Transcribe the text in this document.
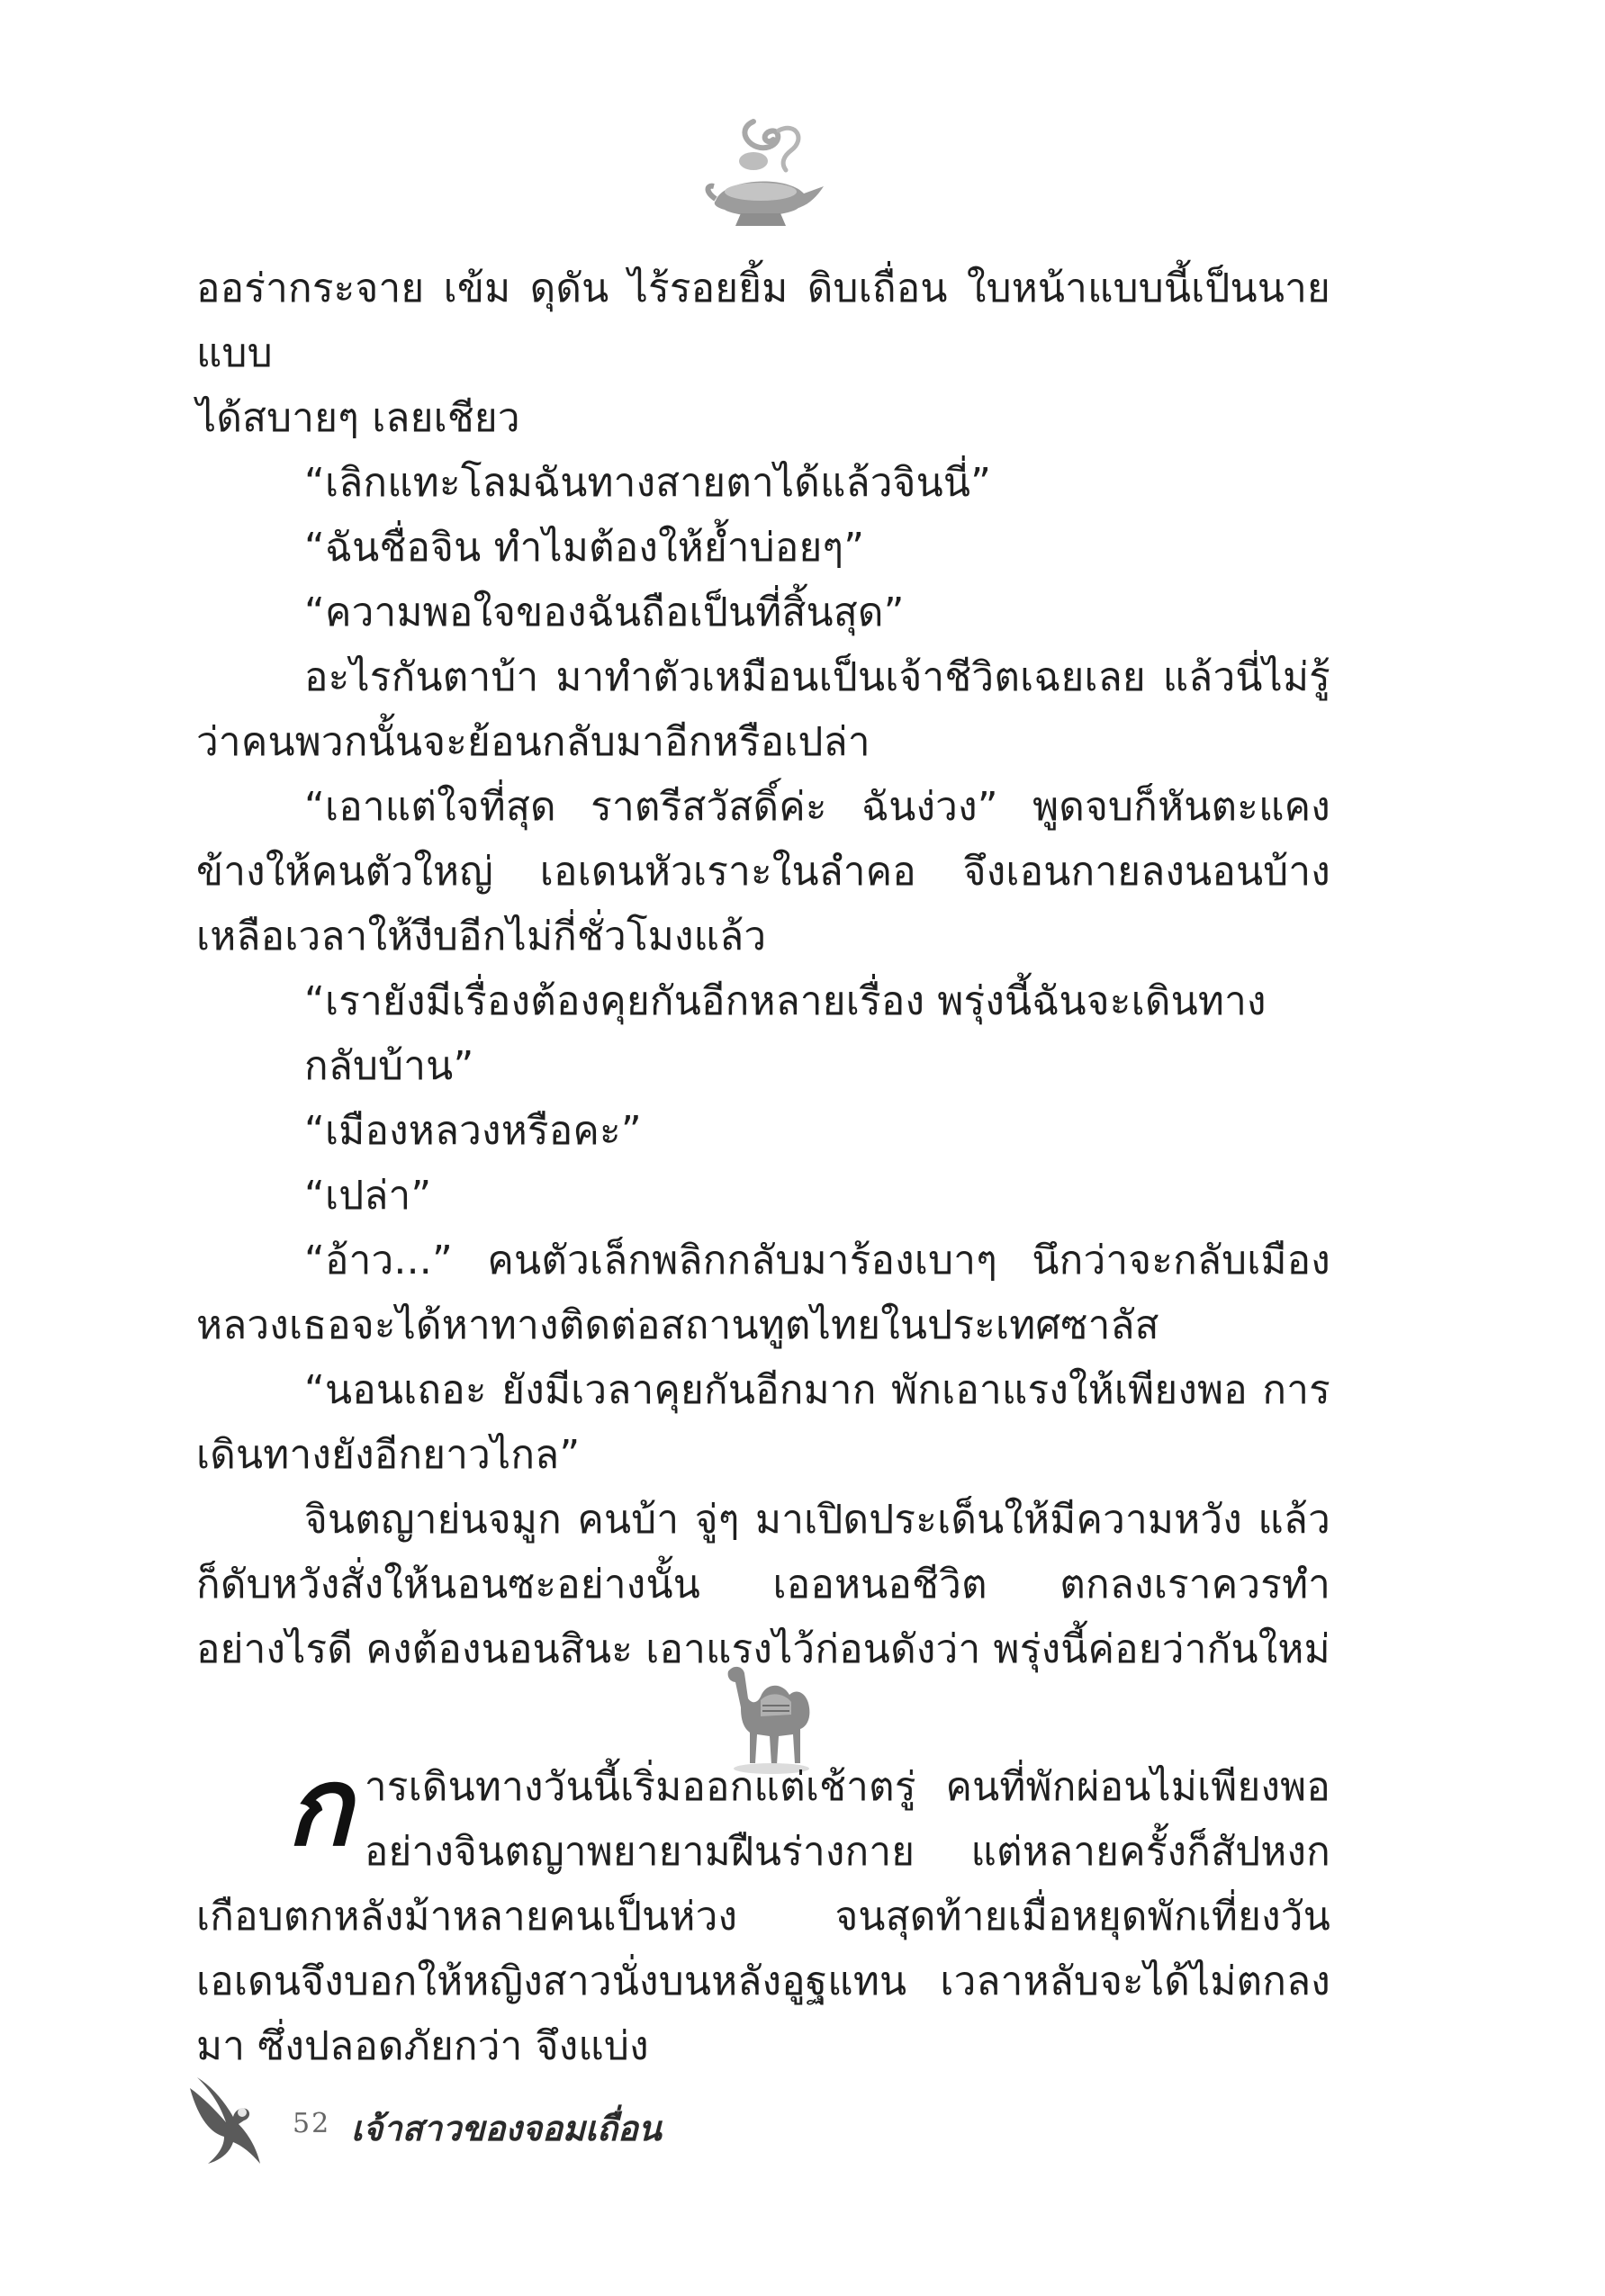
ออร่ากระจาย เข้ม ดุดัน ไร้รอยยิ้ม ดิบเถื่อน ใบหน้าแบบนี้เป็นนายแบบ
ได้สบายๆ เลยเชียว

“เลิกแทะโลมฉันทางสายตาได้แล้วจินนี่”

“ฉันชื่อจิน ทำไมต้องให้ย้ำบ่อยๆ”

“ความพอใจของฉันถือเป็นที่สิ้นสุด”

อะไรกันตาบ้า มาทำตัวเหมือนเป็นเจ้าชีวิตเฉยเลย แล้วนี่ไม่รู้ว่าคนพวกนั้นจะย้อนกลับมาอีกหรือเปล่า

“เอาแต่ใจที่สุด ราตรีสวัสดิ์ค่ะ ฉันง่วง” พูดจบก็หันตะแคงข้างให้คนตัวใหญ่ เอเดนหัวเราะในลำคอ จึงเอนกายลงนอนบ้าง เหลือเวลาให้งีบอีกไม่กี่ชั่วโมงแล้ว

“เรายังมีเรื่องต้องคุยกันอีกหลายเรื่อง พรุ่งนี้ฉันจะเดินทางกลับบ้าน”

“เมืองหลวงหรือคะ”

“เปล่า”

“อ้าว...” คนตัวเล็กพลิกกลับมาร้องเบาๆ นึกว่าจะกลับเมืองหลวงเธอจะได้หาทางติดต่อสถานทูตไทยในประเทศซาลัส

“นอนเถอะ ยังมีเวลาคุยกันอีกมาก พักเอาแรงให้เพียงพอ การเดินทางยังอีกยาวไกล”

จินตญาย่นจมูก คนบ้า จู่ๆ มาเปิดประเด็นให้มีความหวัง แล้วก็ดับหวังสั่งให้นอนซะอย่างนั้น เออหนอชีวิต ตกลงเราควรทำอย่างไรดี คงต้องนอนสินะ เอาแรงไว้ก่อนดังว่า พรุ่งนี้ค่อยว่ากันใหม่

การเดินทางวันนี้เริ่มออกแต่เช้าตรู่ คนที่พักผ่อนไม่เพียงพออย่างจินตญาพยายามฝืนร่างกาย แต่หลายครั้งก็สัปหงกเกือบตกหลังม้าหลายคนเป็นห่วง จนสุดท้ายเมื่อหยุดพักเที่ยงวัน เอเดนจึงบอกให้หญิงสาวนั่งบนหลังอูฐแทน เวลาหลับจะได้ไม่ตกลงมา ซึ่งปลอดภัยกว่า จึงแบ่ง

52 เจ้าสาวของจอมเถื่อน
